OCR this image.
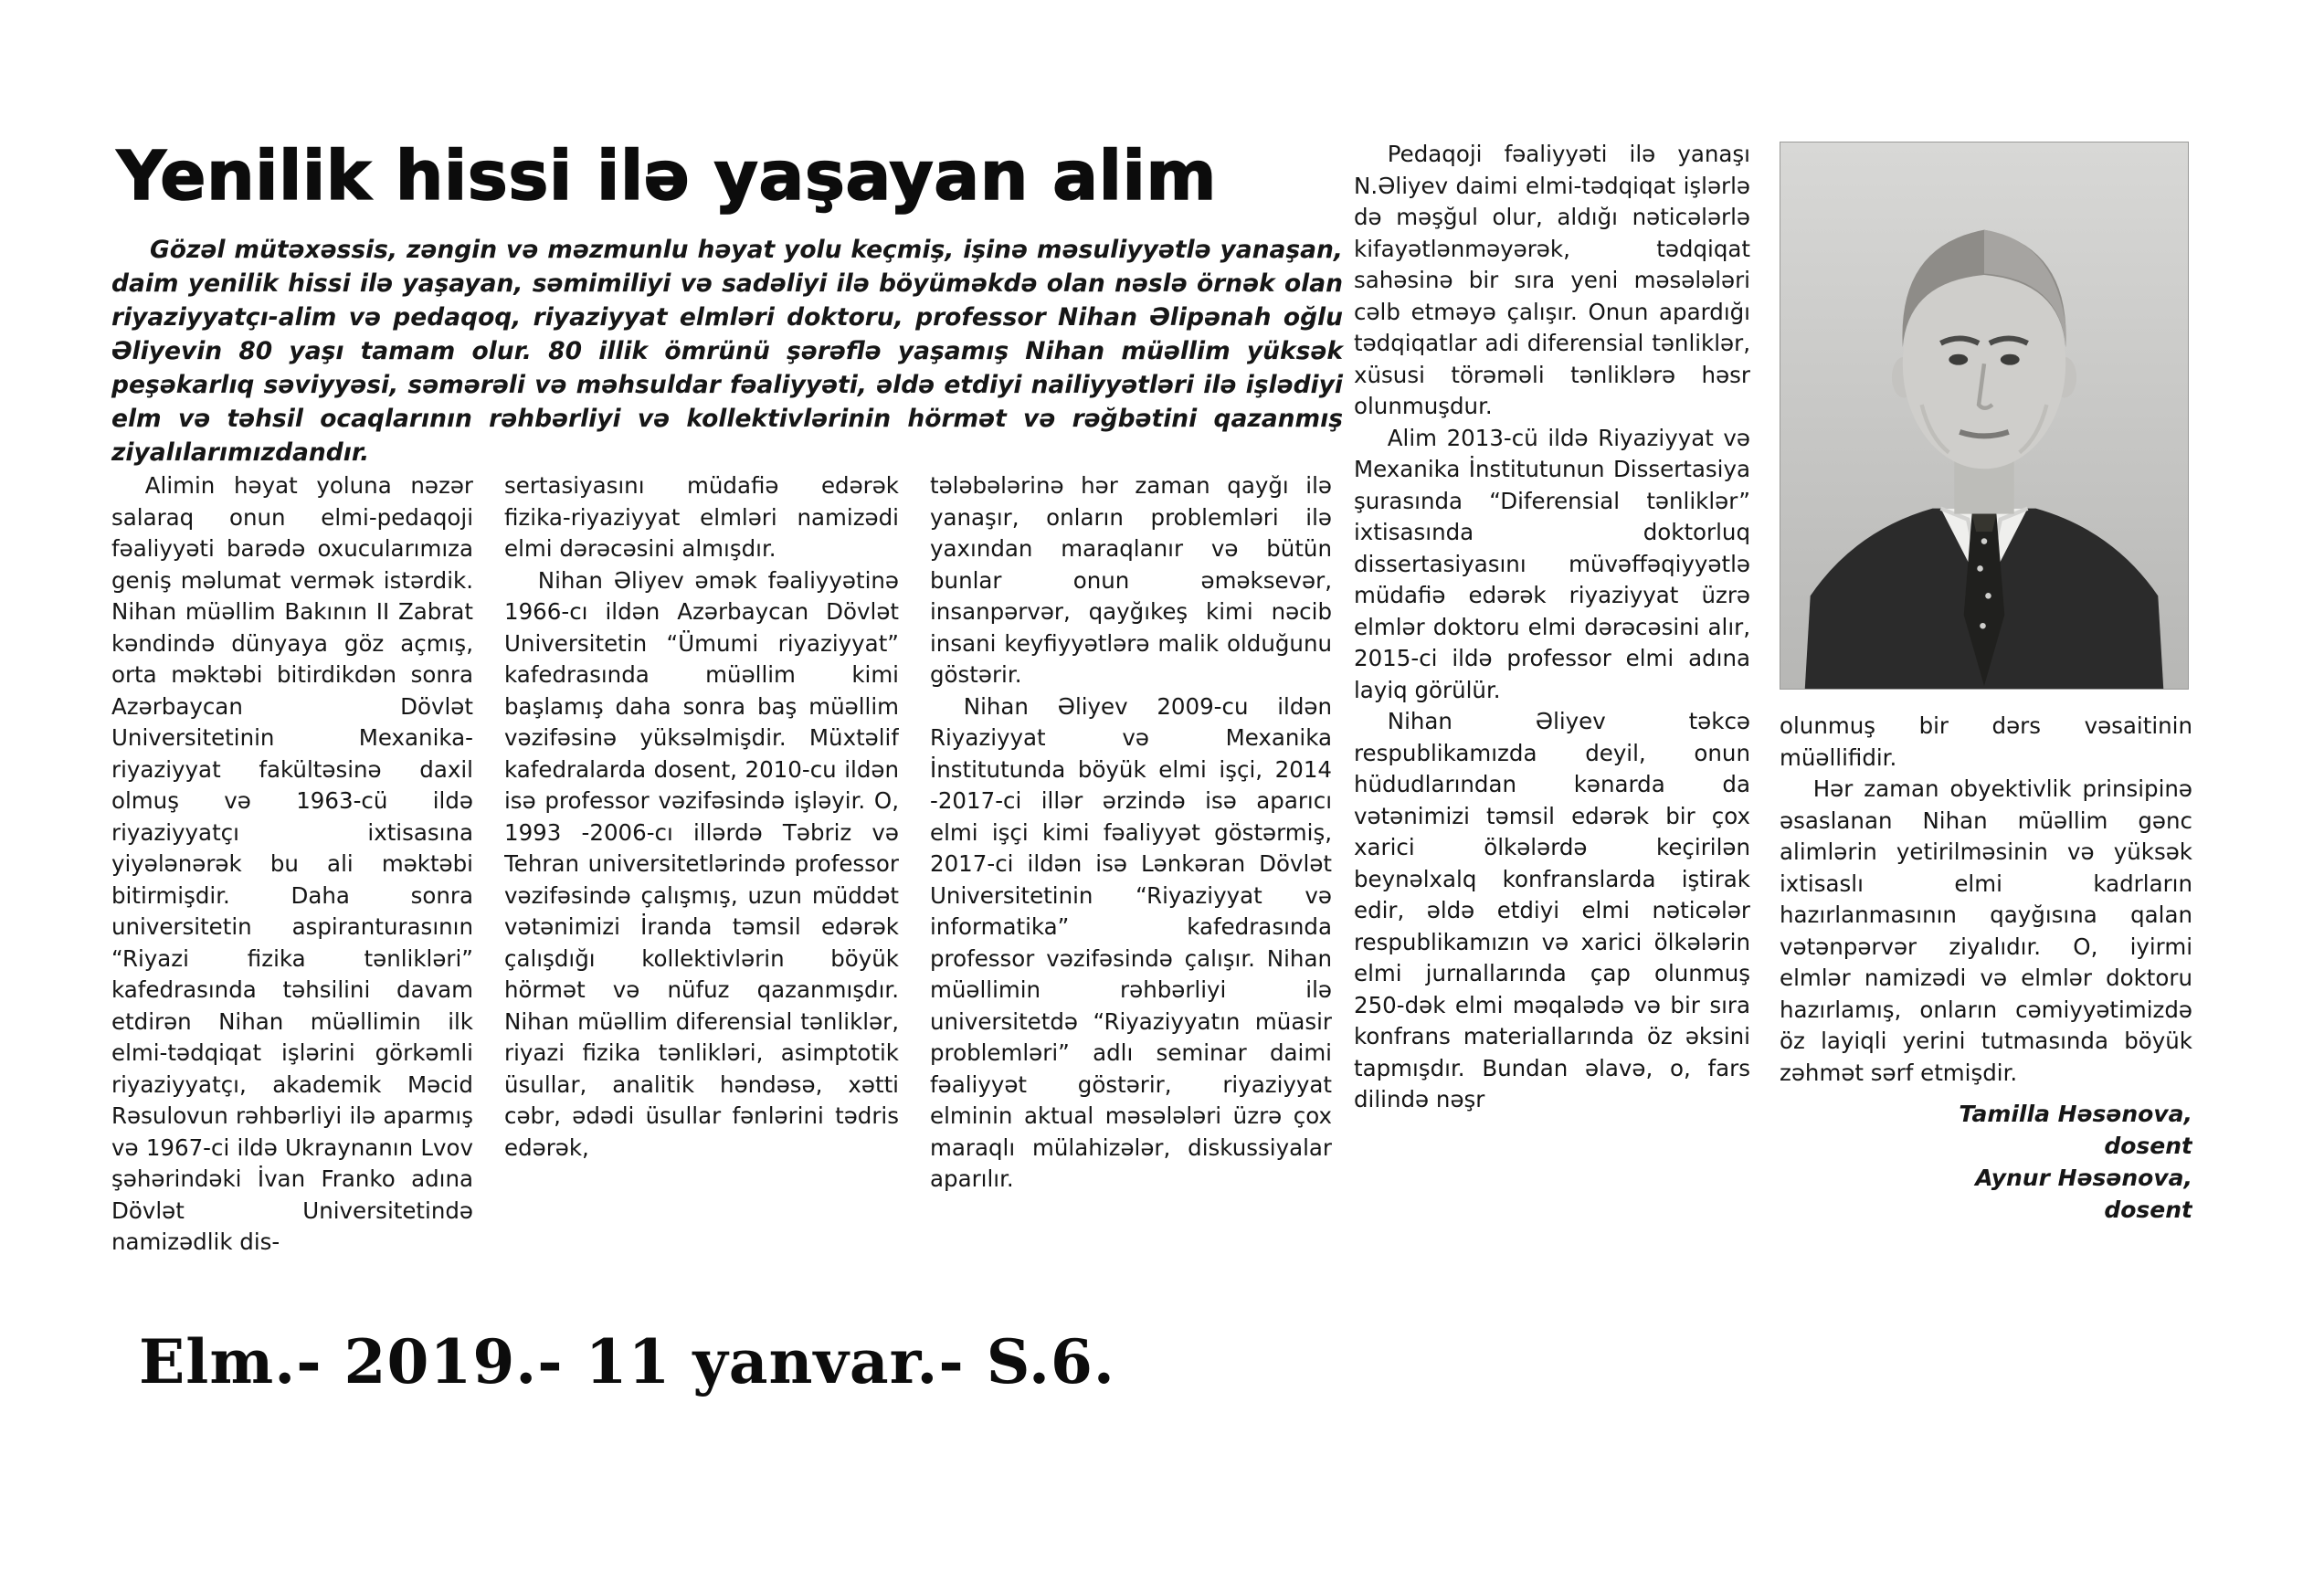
Yenilik hissi ilə yaşayan alim

Gözəl mütəxəssis, zəngin və məzmunlu həyat yolu keçmiş, işinə məsuliyyətlə yanaşan, daim yenilik hissi ilə yaşayan, səmimiliyi və sadəliyi ilə böyüməkdə olan nəslə örnək olan riyaziyyatçı-alim və pedaqoq, riyaziyyat elmləri doktoru, professor Nihan Əlipənah oğlu Əliyevin 80 yaşı tamam olur. 80 illik ömrünü şərəflə yaşamış Nihan müəllim yüksək peşəkarlıq səviyyəsi, səmərəli və məhsuldar fəaliyyəti, əldə etdiyi nailiyyətləri ilə işlədiyi elm və təhsil ocaqlarının rəhbərliyi və kollektivlərinin hörmət və rəğbətini qazanmış ziyalılarımızdandır.

Alimin həyat yoluna nəzər salaraq onun elmi-pedaqoji fəaliyyəti barədə oxucularımıza geniş məlumat vermək istərdik. Nihan müəllim Bakının II Zabrat kəndində dünyaya göz açmış, orta məktəbi bitirdikdən sonra Azərbaycan Dövlət Universitetinin Mexanika-riyaziyyat fakültəsinə daxil olmuş və 1963-cü ildə riyaziyyatçı ixtisasına yiyələnərək bu ali məktəbi bitirmişdir. Daha sonra universitetin aspiranturasının “Riyazi fizika tənlikləri” kafedrasında təhsilini davam etdirən Nihan müəllimin ilk elmi-tədqiqat işlərini görkəmli riyaziyyatçı, akademik Məcid Rəsulovun rəhbərliyi ilə aparmış və 1967-ci ildə Ukraynanın Lvov şəhərindəki İvan Franko adına Dövlət Universitetində namizədlik dis-

sertasiyasını müdafiə edərək fizika-riyaziyyat elmləri namizədi elmi dərəcəsini almışdır.

Nihan Əliyev əmək fəaliyyətinə 1966-cı ildən Azərbaycan Dövlət Universitetin “Ümumi riyaziyyat” kafedrasında müəllim kimi başlamış daha sonra baş müəllim vəzifəsinə yüksəlmişdir. Müxtəlif kafedralarda dosent, 2010-cu ildən isə professor vəzifəsində işləyir. O, 1993 -2006-cı illərdə Təbriz və Tehran universitetlərində professor vəzifəsində çalışmış, uzun müddət vətənimizi İranda təmsil edərək çalışdığı kollektivlərin böyük hörmət və nüfuz qazanmışdır. Nihan müəllim diferensial tənliklər, riyazi fizika tənlikləri, asimptotik üsullar, analitik həndəsə, xətti cəbr, ədədi üsullar fənlərini tədris edərək,

tələbələrinə hər zaman qayğı ilə yanaşır, onların problemləri ilə yaxından maraqlanır və bütün bunlar onun əməksevər, insanpərvər, qayğıkeş kimi nəcib insani keyfiyyətlərə malik olduğunu göstərir.

Nihan Əliyev 2009-cu ildən Riyaziyyat və Mexanika İnstitutunda böyük elmi işçi, 2014 -2017-ci illər ərzində isə aparıcı elmi işçi kimi fəaliyyət göstərmiş, 2017-ci ildən isə Lənkəran Dövlət Universitetinin “Riyaziyyat və informatika” kafedrasında professor vəzifəsində çalışır. Nihan müəllimin rəhbərliyi ilə universitetdə “Riyaziyyatın müasir problemləri” adlı seminar daimi fəaliyyət göstərir, riyaziyyat elminin aktual məsələləri üzrə çox maraqlı mülahizələr, diskussiyalar aparılır.

Pedaqoji fəaliyyəti ilə yanaşı N.Əliyev daimi elmi-tədqiqat işlərlə də məşğul olur, aldığı nəticələrlə kifayətlənməyərək, tədqiqat sahəsinə bir sıra yeni məsələləri cəlb etməyə çalışır. Onun apardığı tədqiqatlar adi diferensial tənliklər, xüsusi törəməli tənliklərə həsr olunmuşdur.

Alim 2013-cü ildə Riyaziyyat və Mexanika İnstitutunun Dissertasiya şurasında “Diferensial tənliklər” ixtisasında doktorluq dissertasiyasını müvəffəqiyyətlə müdafiə edərək riyaziyyat üzrə elmlər doktoru elmi dərəcəsini alır, 2015-ci ildə professor elmi adına layiq görülür.

Nihan Əliyev təkcə respublikamızda deyil, onun hüdudlarından kənarda da vətənimizi təmsil edərək bir çox xarici ölkələrdə keçirilən beynəlxalq konfranslarda iştirak edir, əldə etdiyi elmi nəticələr respublikamızın və xarici ölkələrin elmi jurnallarında çap olunmuş 250-dək elmi məqalədə və bir sıra konfrans materiallarında öz əksini tapmışdır. Bundan əlavə, o, fars dilində nəşr

olunmuş bir dərs vəsaitinin müəllifidir.

Hər zaman obyektivlik prinsipinə əsaslanan Nihan müəllim gənc alimlərin yetirilməsinin və yüksək ixtisaslı elmi kadrların hazırlanmasının qayğısına qalan vətənpərvər ziyalıdır. O, iyirmi elmlər namizədi və elmlər doktoru hazırlamış, onların cəmiyyətimizdə öz layiqli yerini tutmasında böyük zəhmət sərf etmişdir.

Tamilla Həsənova,

dosent

Aynur Həsənova,

dosent

Elm.- 2019.- 11 yanvar.- S.6.
